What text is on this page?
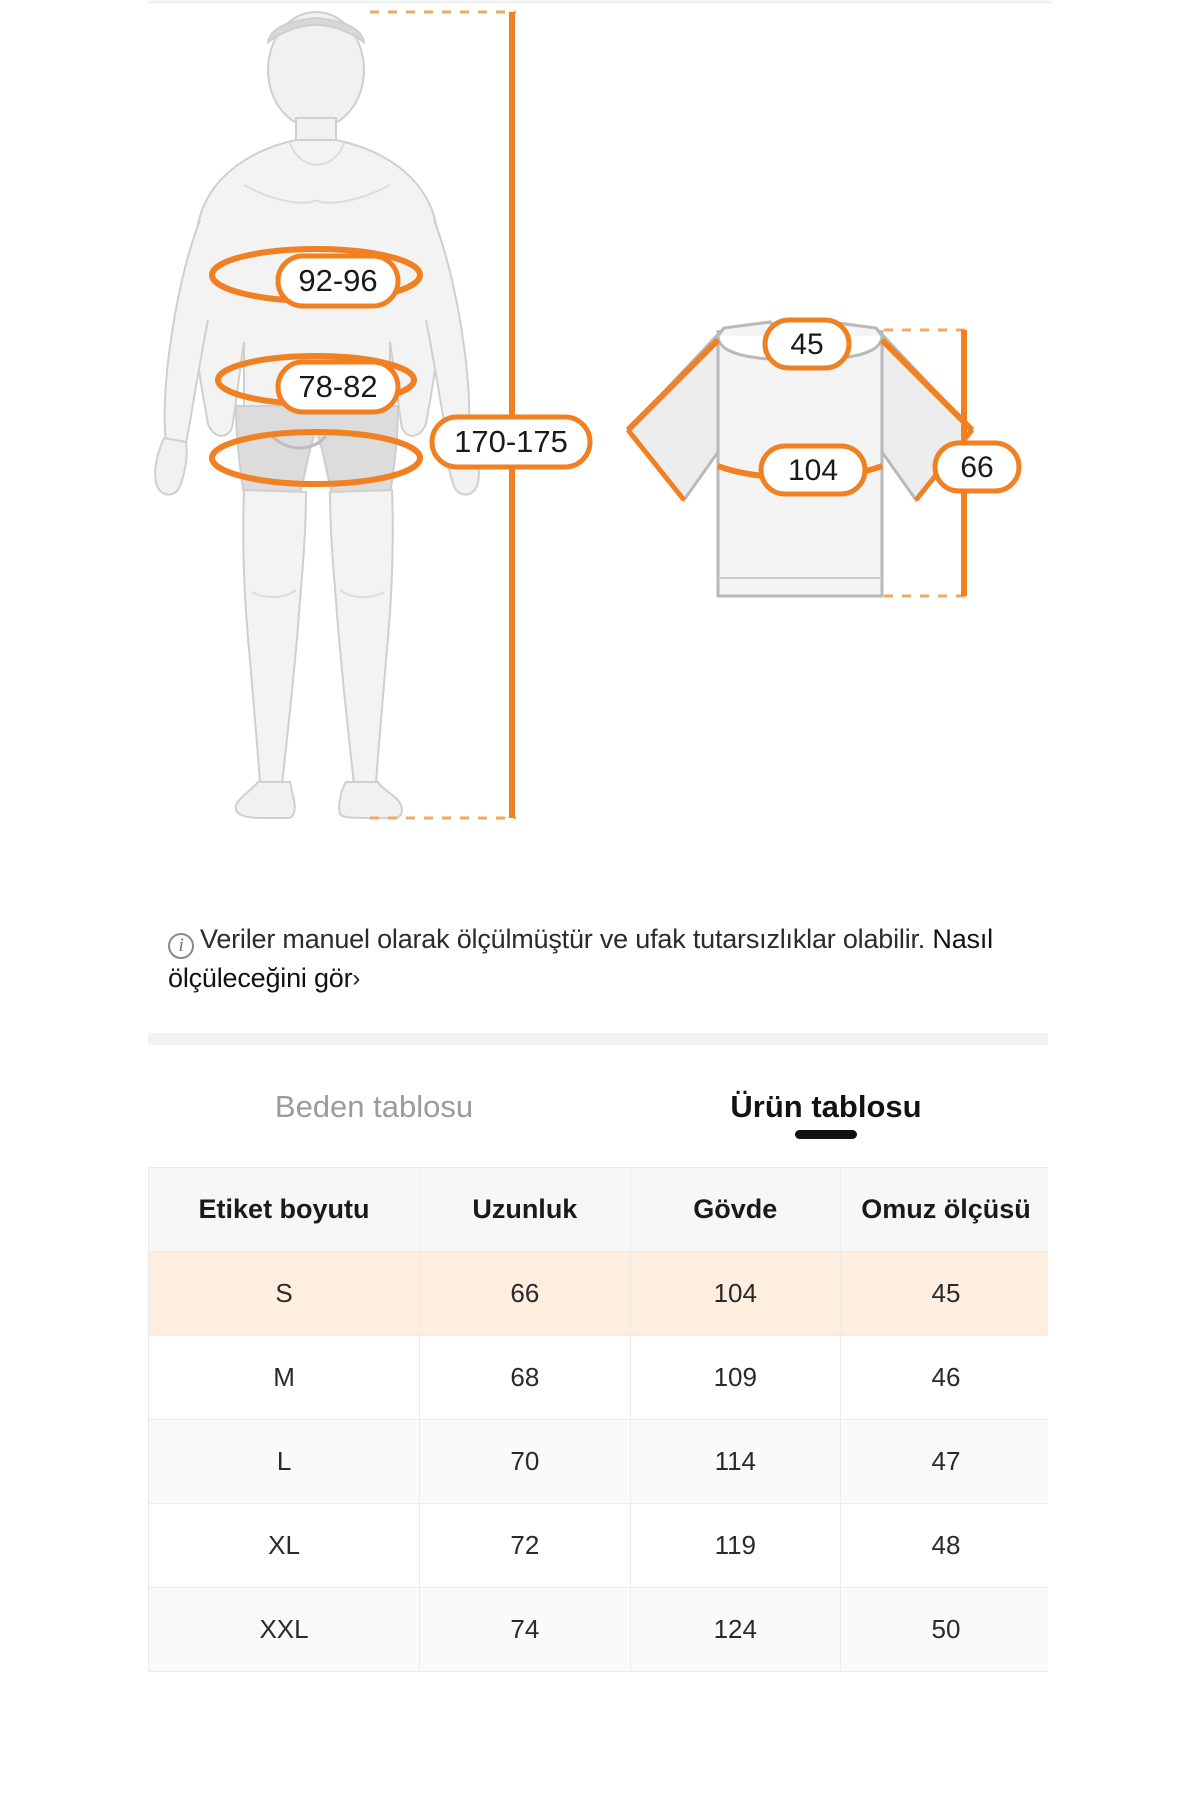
92-96
78-82
170-175
45
104	66
i Veriler manuel olarak ölçülmüştür ve ufak tutarsızlıklar olabilir. Nasıl ölçüleceğini gör›
Beden tablosu	Ürün tablosu
Etiket boyutu	Uzunluk	Gövde	Omuz ölçüsü
S	66	104	45
M	68	109	46
L	70	114	47
XL	72	119	48
XXL	74	124	50
